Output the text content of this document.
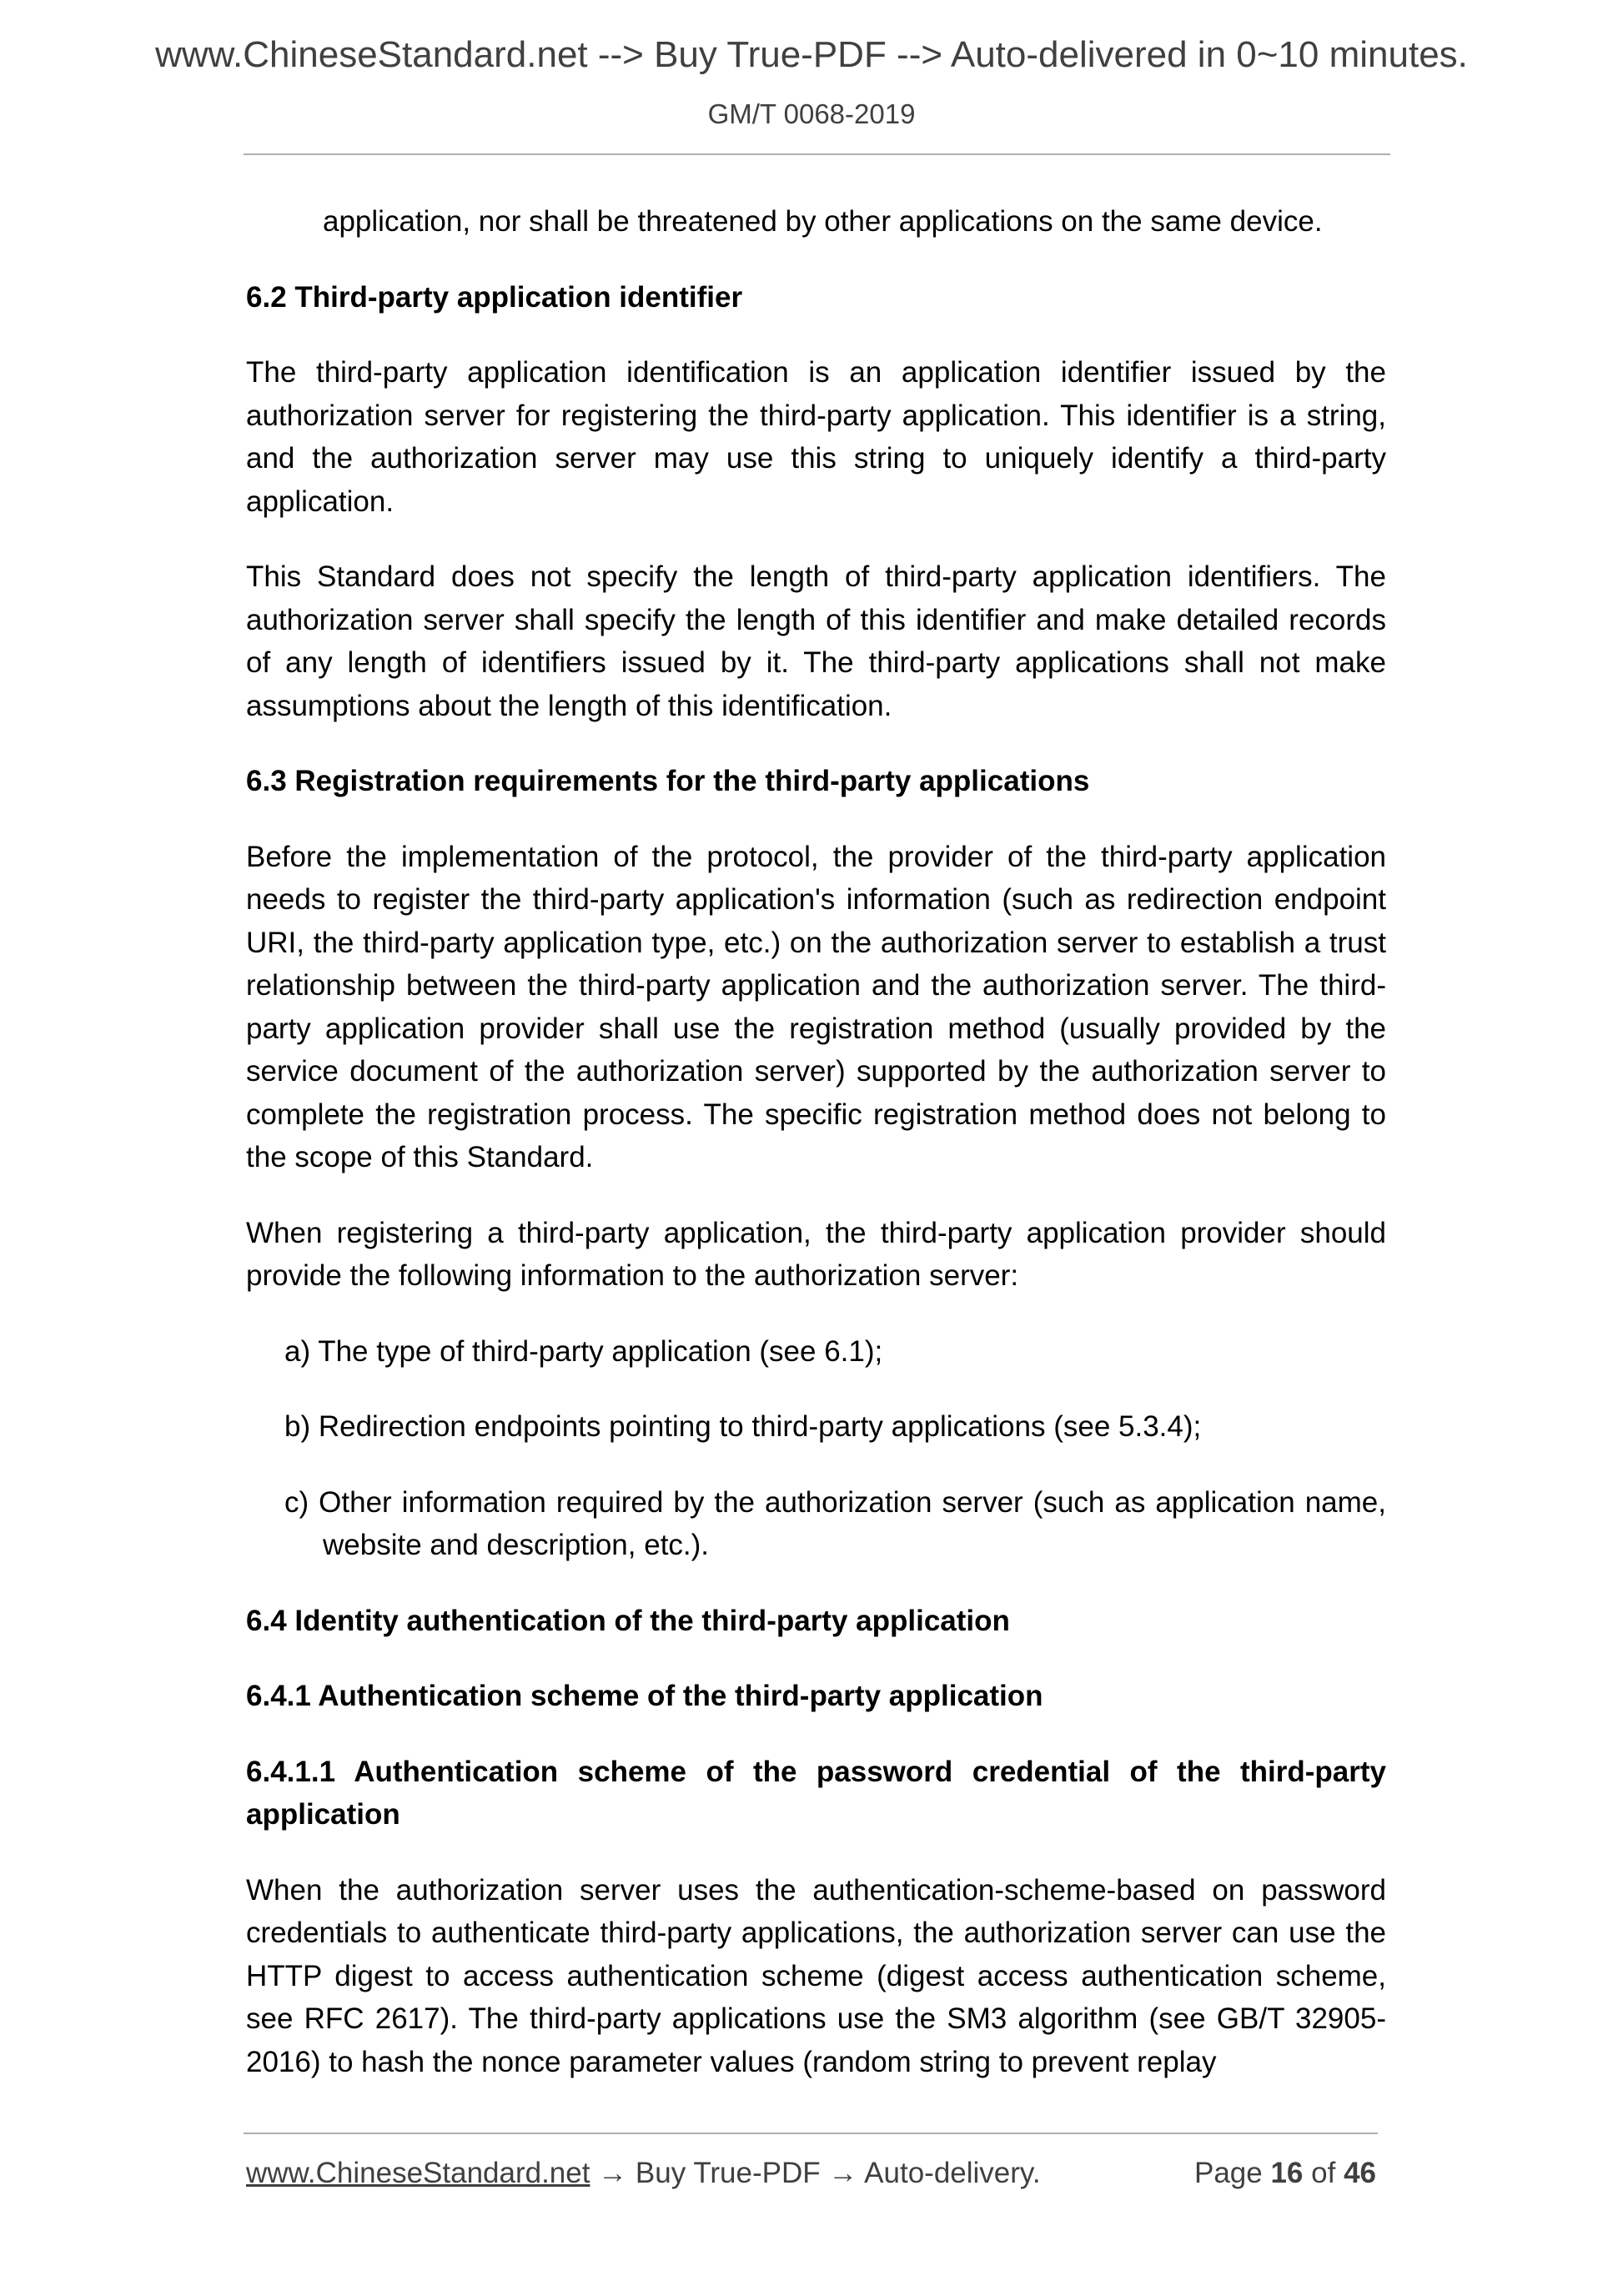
www.ChineseStandard.net --> Buy True-PDF --> Auto-delivered in 0~10 minutes.
GM/T 0068-2019

application, nor shall be threatened by other applications on the same device.

6.2 Third-party application identifier

The third-party application identification is an application identifier issued by the authorization server for registering the third-party application. This identifier is a string, and the authorization server may use this string to uniquely identify a third-party application.

This Standard does not specify the length of third-party application identifiers. The authorization server shall specify the length of this identifier and make detailed records of any length of identifiers issued by it. The third-party applications shall not make assumptions about the length of this identification.

6.3 Registration requirements for the third-party applications

Before the implementation of the protocol, the provider of the third-party application needs to register the third-party application's information (such as redirection endpoint URI, the third-party application type, etc.) on the authorization server to establish a trust relationship between the third-party application and the authorization server. The third-party application provider shall use the registration method (usually provided by the service document of the authorization server) supported by the authorization server to complete the registration process. The specific registration method does not belong to the scope of this Standard.

When registering a third-party application, the third-party application provider should provide the following information to the authorization server:

a) The type of third-party application (see 6.1);
b) Redirection endpoints pointing to third-party applications (see 5.3.4);
c) Other information required by the authorization server (such as application name, website and description, etc.).
6.4 Identity authentication of the third-party application
6.4.1 Authentication scheme of the third-party application
6.4.1.1 Authentication scheme of the password credential of the third-party application

When the authorization server uses the authentication-scheme-based on password credentials to authenticate third-party applications, the authorization server can use the HTTP digest to access authentication scheme (digest access authentication scheme, see RFC 2617). The third-party applications use the SM3 algorithm (see GB/T 32905-2016) to hash the nonce parameter values (random string to prevent replay

www.ChineseStandard.net → Buy True-PDF → Auto-delivery.	Page 16 of 46
